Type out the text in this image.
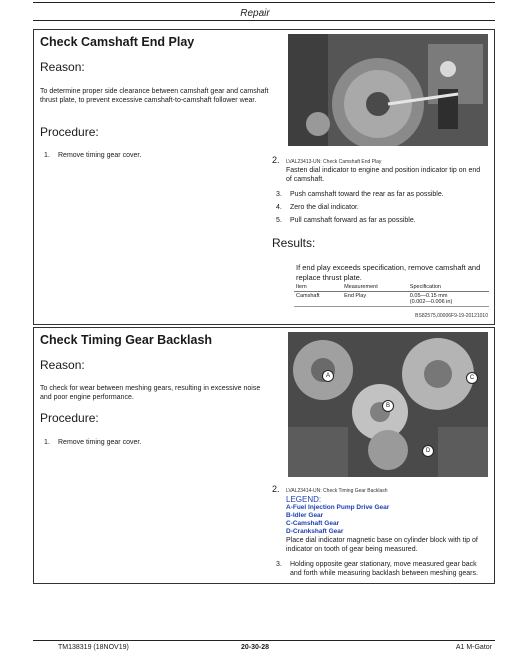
Repair
Check Camshaft End Play
Reason:
To determine proper side clearance between camshaft gear and camshaft thrust plate, to prevent excessive camshaft-to-camshaft follower wear.
Procedure:
1. Remove timing gear cover.	2. LVAL23413-UN: Check Camshaft End Play
Fasten dial indicator to engine and position indicator tip on end of camshaft.
3. Push camshaft toward the rear as far as possible.
4. Zero the dial indicator.
5. Pull camshaft forward as far as possible.
Results:
If end play exceeds specification, remove camshaft and replace thrust plate.
Item	Measurement	Specification
Camshaft	End Play	0.05—0.15 mm
(0.002—0.006 in)
BS82575,00006F9-19-20121010
Check Timing Gear Backlash
Reason:
To check for wear between meshing gears, resulting in excessive noise and poor engine performance.
Procedure:
1. Remove timing gear cover.
A
B
C
D
2. LVAL23414-UN: Check Timing Gear Backlash
LEGEND:
A-Fuel Injection Pump Drive Gear
B-Idler Gear
C-Camshaft Gear
D-Crankshaft Gear
Place dial indicator magnetic base on cylinder block with tip of indicator on tooth of gear being measured.
3. Holding opposite gear stationary, move measured gear back and forth while measuring backlash between meshing gears.
TM138319 (18NOV19)	20-30-28	A1 M-Gator
